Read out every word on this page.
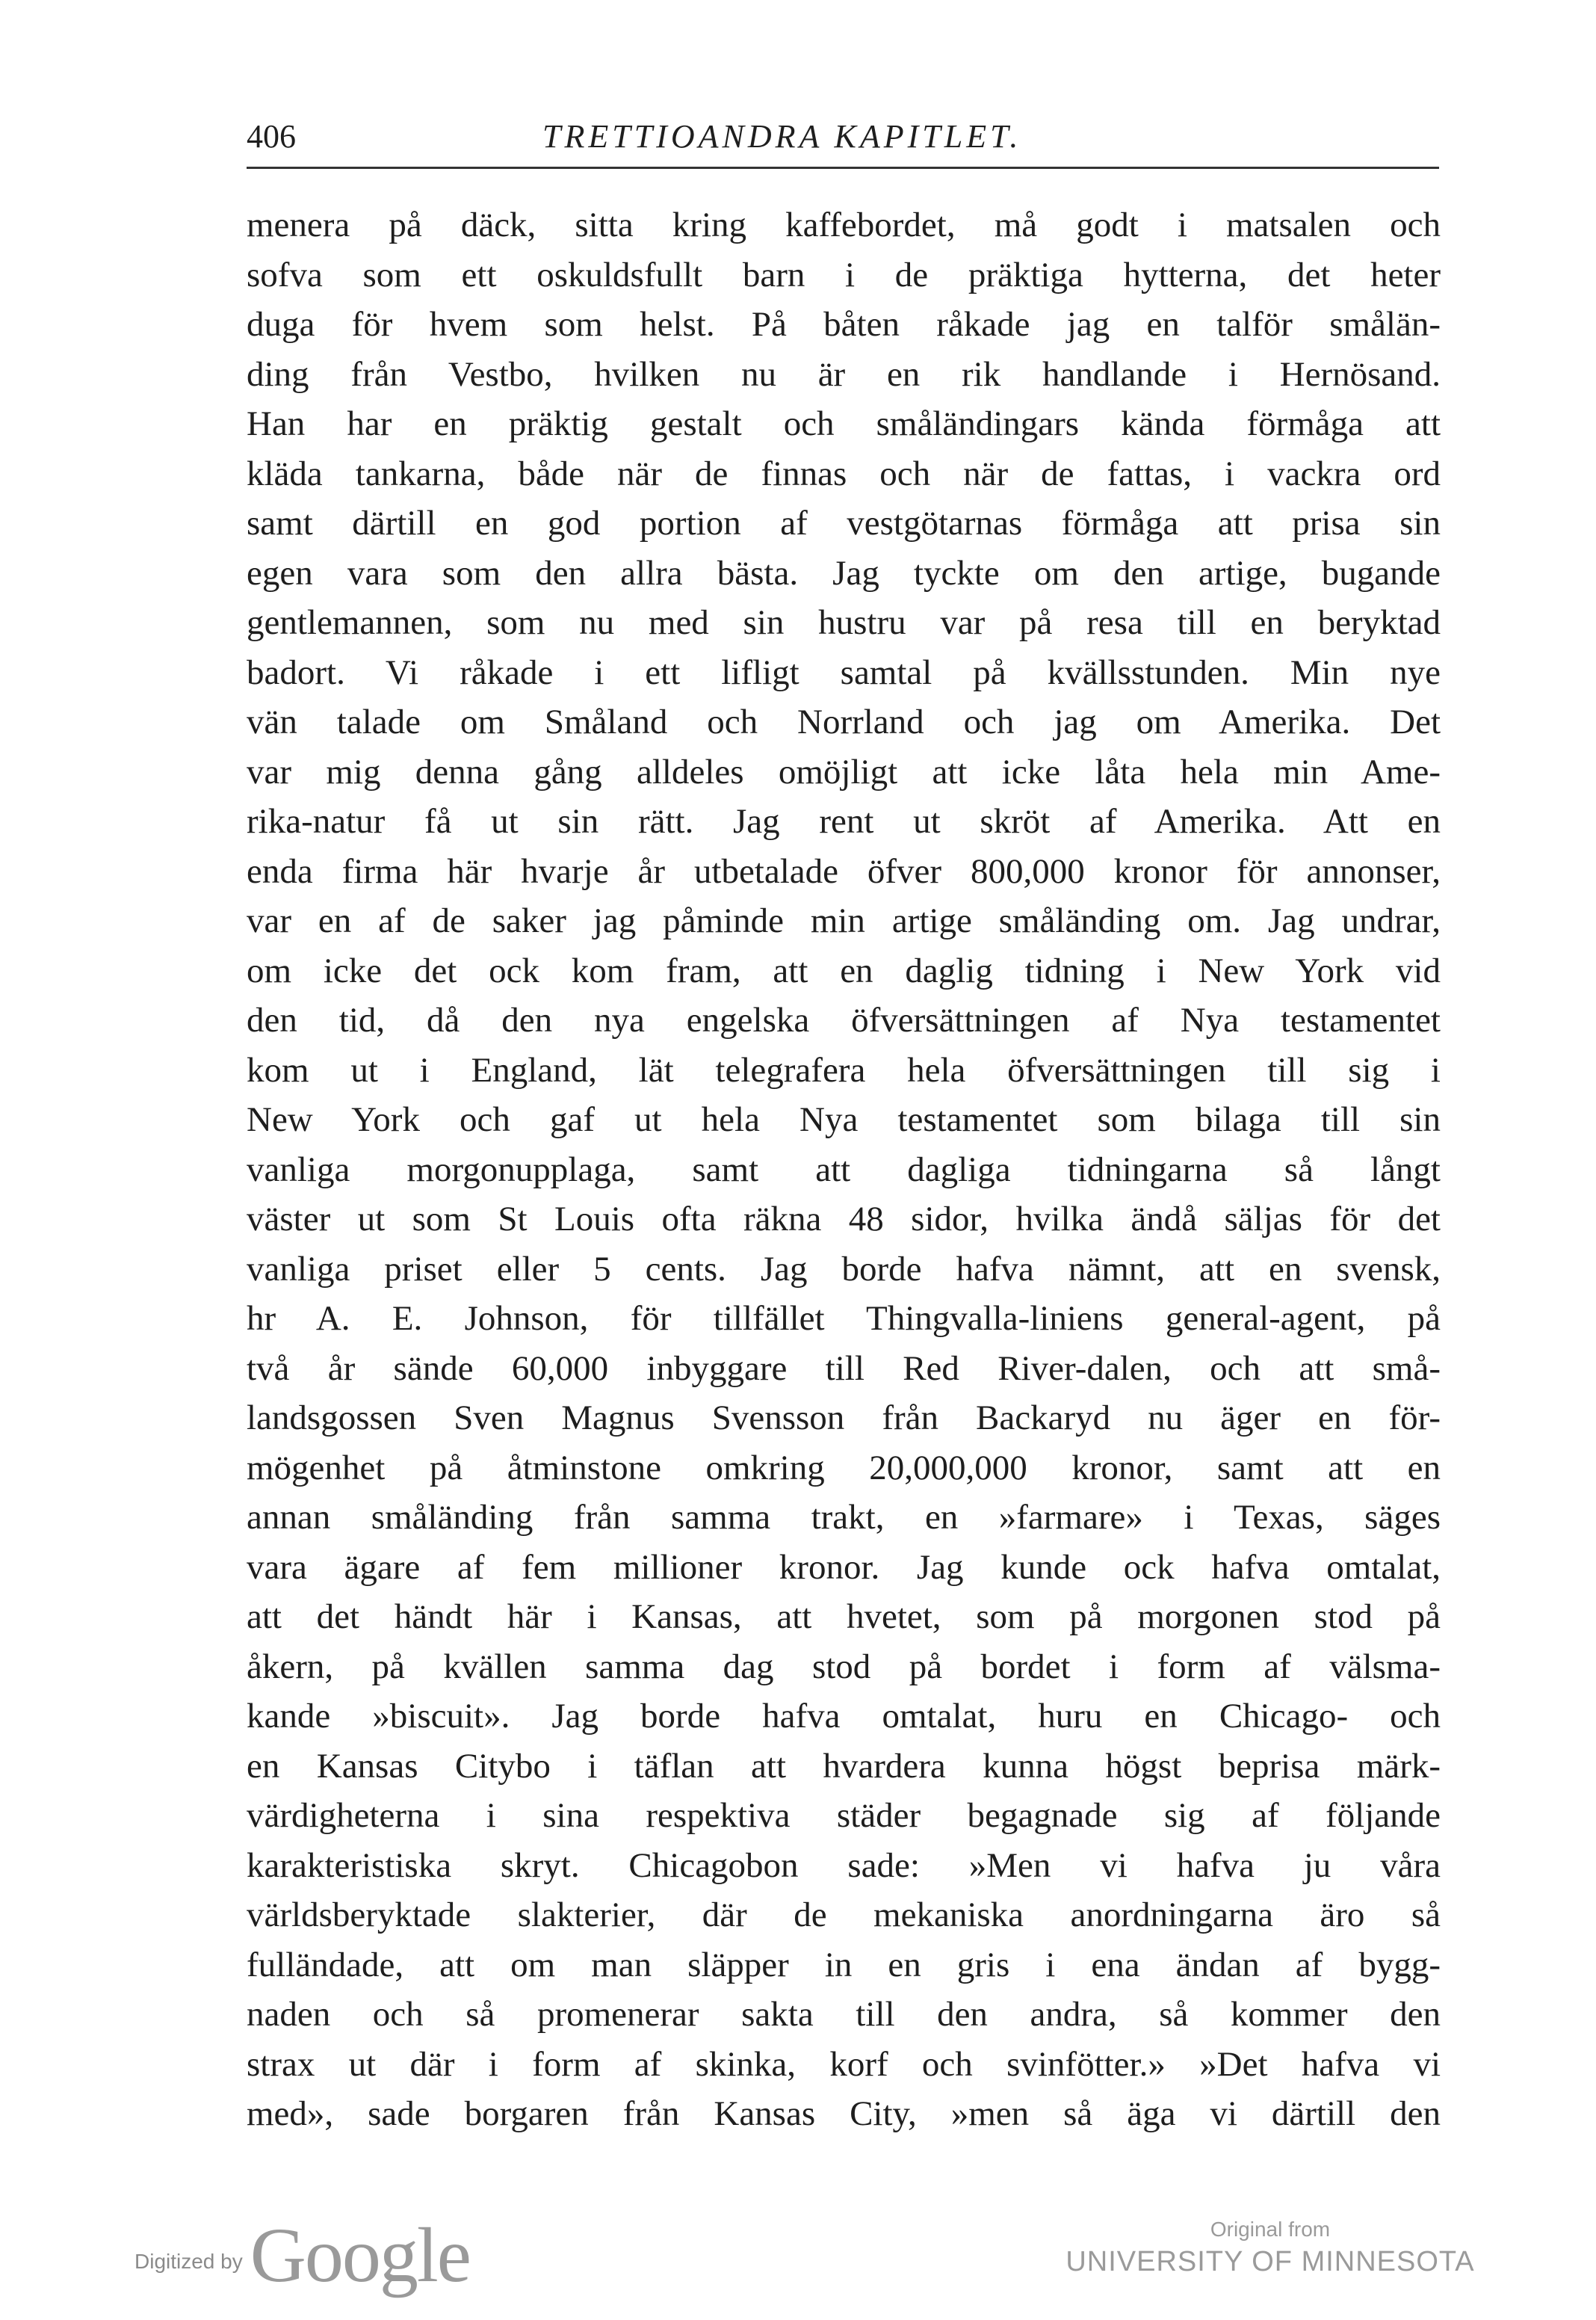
406	TRETTIOANDRA KAPITLET.
menera på däck, sitta kring kaffebordet, må godt i matsalen och
sofva som ett oskuldsfullt barn i de präktiga hytterna, det heter
duga för hvem som helst. På båten råkade jag en talför smålän-
ding från Vestbo, hvilken nu är en rik handlande i Hernösand.
Han har en präktig gestalt och småländingars kända förmåga att
kläda tankarna, både när de finnas och när de fattas, i vackra ord
samt därtill en god portion af vestgötarnas förmåga att prisa sin
egen vara som den allra bästa. Jag tyckte om den artige, bugande
gentlemannen, som nu med sin hustru var på resa till en beryktad
badort. Vi råkade i ett lifligt samtal på kvällsstunden. Min nye
vän talade om Småland och Norrland och jag om Amerika. Det
var mig denna gång alldeles omöjligt att icke låta hela min Ame-
rika-natur få ut sin rätt. Jag rent ut skröt af Amerika. Att en
enda firma här hvarje år utbetalade öfver 800,000 kronor för annonser,
var en af de saker jag påminde min artige småländing om. Jag undrar,
om icke det ock kom fram, att en daglig tidning i New York vid
den tid, då den nya engelska öfversättningen af Nya testamentet
kom ut i England, lät telegrafera hela öfversättningen till sig i
New York och gaf ut hela Nya testamentet som bilaga till sin
vanliga morgonupplaga, samt att dagliga tidningarna så långt
väster ut som St Louis ofta räkna 48 sidor, hvilka ändå säljas för det
vanliga priset eller 5 cents. Jag borde hafva nämnt, att en svensk,
hr A. E. Johnson, för tillfället Thingvalla-liniens general-agent, på
två år sände 60,000 inbyggare till Red River-dalen, och att små-
landsgossen Sven Magnus Svensson från Backaryd nu äger en för-
mögenhet på åtminstone omkring 20,000,000 kronor, samt att en
annan småländing från samma trakt, en »farmare» i Texas, säges
vara ägare af fem millioner kronor. Jag kunde ock hafva omtalat,
att det händt här i Kansas, att hvetet, som på morgonen stod på
åkern, på kvällen samma dag stod på bordet i form af välsma-
kande »biscuit». Jag borde hafva omtalat, huru en Chicago- och
en Kansas Citybo i täflan att hvardera kunna högst beprisa märk-
värdigheterna i sina respektiva städer begagnade sig af följande
karakteristiska skryt. Chicagobon sade: »Men vi hafva ju våra
världsberyktade slakterier, där de mekaniska anordningarna äro så
fulländade, att om man släpper in en gris i ena ändan af bygg-
naden och så promenerar sakta till den andra, så kommer den
strax ut där i form af skinka, korf och svinfötter.» »Det hafva vi
med», sade borgaren från Kansas City, »men så äga vi därtill den
Digitized by Google	Original from
UNIVERSITY OF MINNESOTA
